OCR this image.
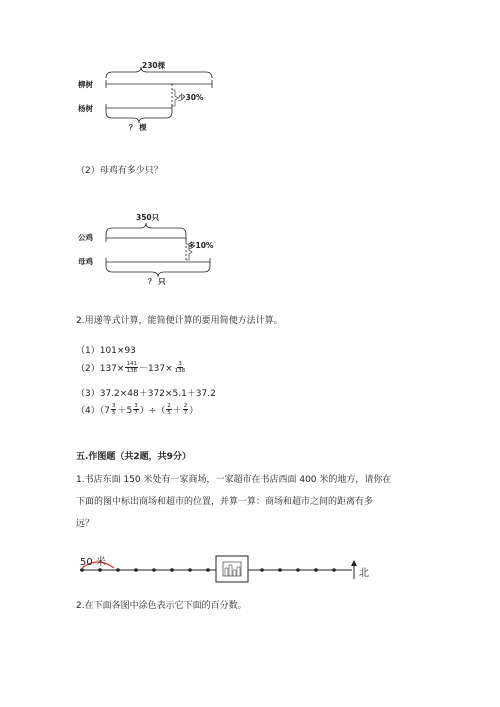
230棵
柳树
杨树
少30%
？ 棵
（2）母鸡有多少只？
350只
公鸡
母鸡
多10%
？ 只
2.用递等式计算，能简便计算的要用简便方法计算。
（1）101×93
$(2)137\times \frac{141}{138} -137\times \frac{3}{138}$
（3）37.2×48＋372×5.1＋37.2
$(4)(7 \frac{3}{5} +5 \frac{3}{7}$ ）÷（ $\frac{2}{5} + \frac{2}{7}$ ）
五.作图题（共2题，共9分）
1.书店东面 150 米处有一家商场，一家超市在书店西面 400 米的地方，请你在
下面的图中标出商场和超市的位置，并算一算：商场和超市之间的距离有多
远？
50 米
北
2.在下面各图中涂色表示它下面的百分数。
